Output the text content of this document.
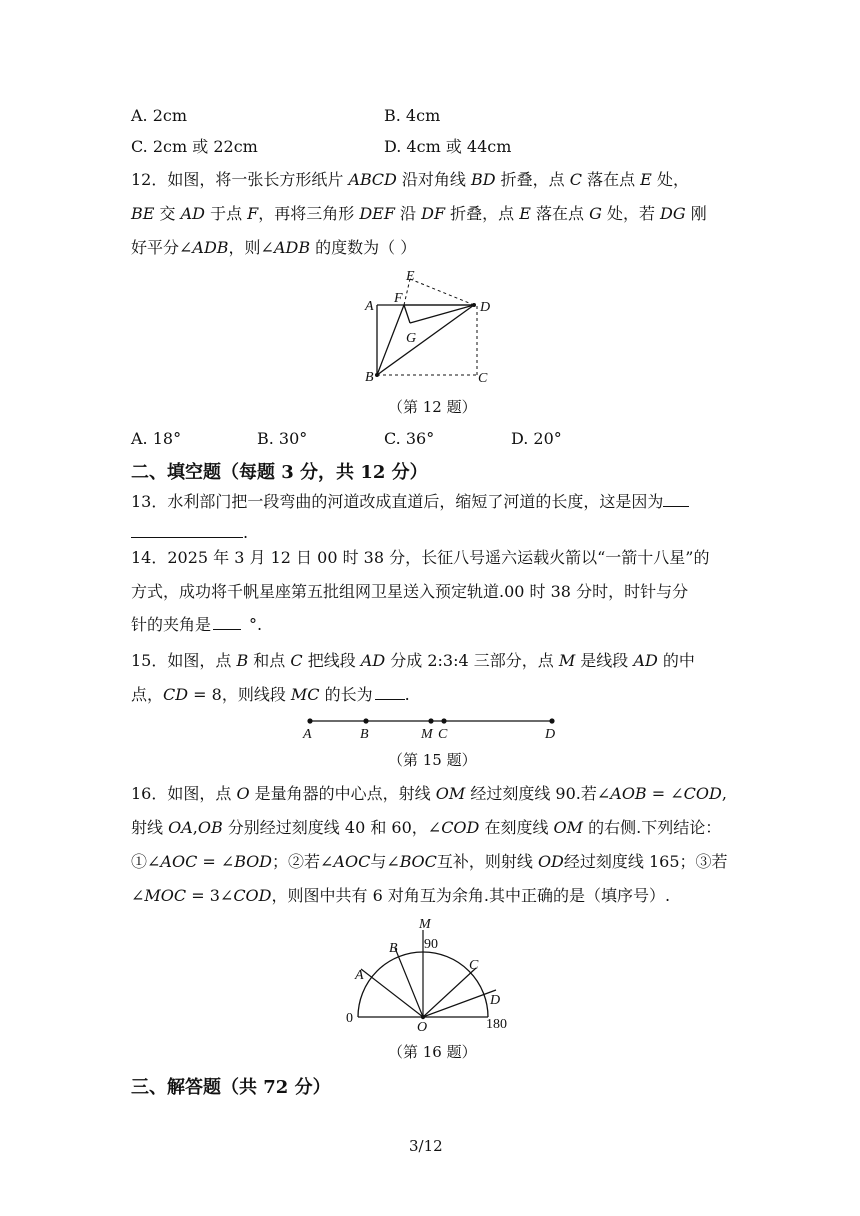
A. 2cm	B. 4cm
C. 2cm 或 22cm	D. 4cm 或 44cm
12．如图，将一张长方形纸片 𝐴𝐵𝐶𝐷 沿对角线 𝐵𝐷 折叠，点 𝐶 落在点 𝐸 处，
𝐵𝐸 交 𝐴𝐷 于点 𝐹，再将三角形 𝐷𝐸𝐹 沿 𝐷𝐹 折叠，点 𝐸 落在点 𝐺 处，若 𝐷𝐺 刚
好平分∠𝐴𝐷𝐵，则∠𝐴𝐷𝐵 的度数为（ ）
A
B	C
D
E
F
G
（第 12 题）
A. 18°	B. 30°	C. 36°	D. 20°
二、填空题（每题 3 分，共 12 分）
13．水利部门把一段弯曲的河道改成直道后，缩短了河道的长度，这是因为
.
14．2025 年 3 月 12 日 00 时 38 分，长征八号遥六运载火箭以“一箭十八星”的
方式，成功将千帆星座第五批组网卫星送入预定轨道.00 时 38 分时，时针与分
针的夹角是 °.
15．如图，点 𝐵 和点 𝐶 把线段 𝐴𝐷 分成 2:3:4 三部分，点 𝑀 是线段 𝐴𝐷 的中
点，𝐶𝐷 = 8，则线段 𝑀𝐶 的长为 .
A	B	M C	D
（第 15 题）
16．如图，点 𝑂 是量角器的中心点，射线 𝑂𝑀 经过刻度线 90.若∠𝐴𝑂𝐵 = ∠𝐶𝑂𝐷,
射线 𝑂𝐴,𝑂𝐵 分别经过刻度线 40 和 60，∠𝐶𝑂𝐷 在刻度线 𝑂𝑀 的右侧.下列结论：
①∠𝐴𝑂𝐶 = ∠𝐵𝑂𝐷；②若∠𝐴𝑂𝐶与∠𝐵𝑂𝐶互补，则射线 𝑂𝐷经过刻度线 165；③若
∠𝑀𝑂𝐶 = 3∠𝐶𝑂𝐷，则图中共有 6 对角互为余角.其中正确的是（填序号）.
M
90
B
A
C
D
0
O	180
（第 16 题）
三、解答题（共 72 分）
3/12
